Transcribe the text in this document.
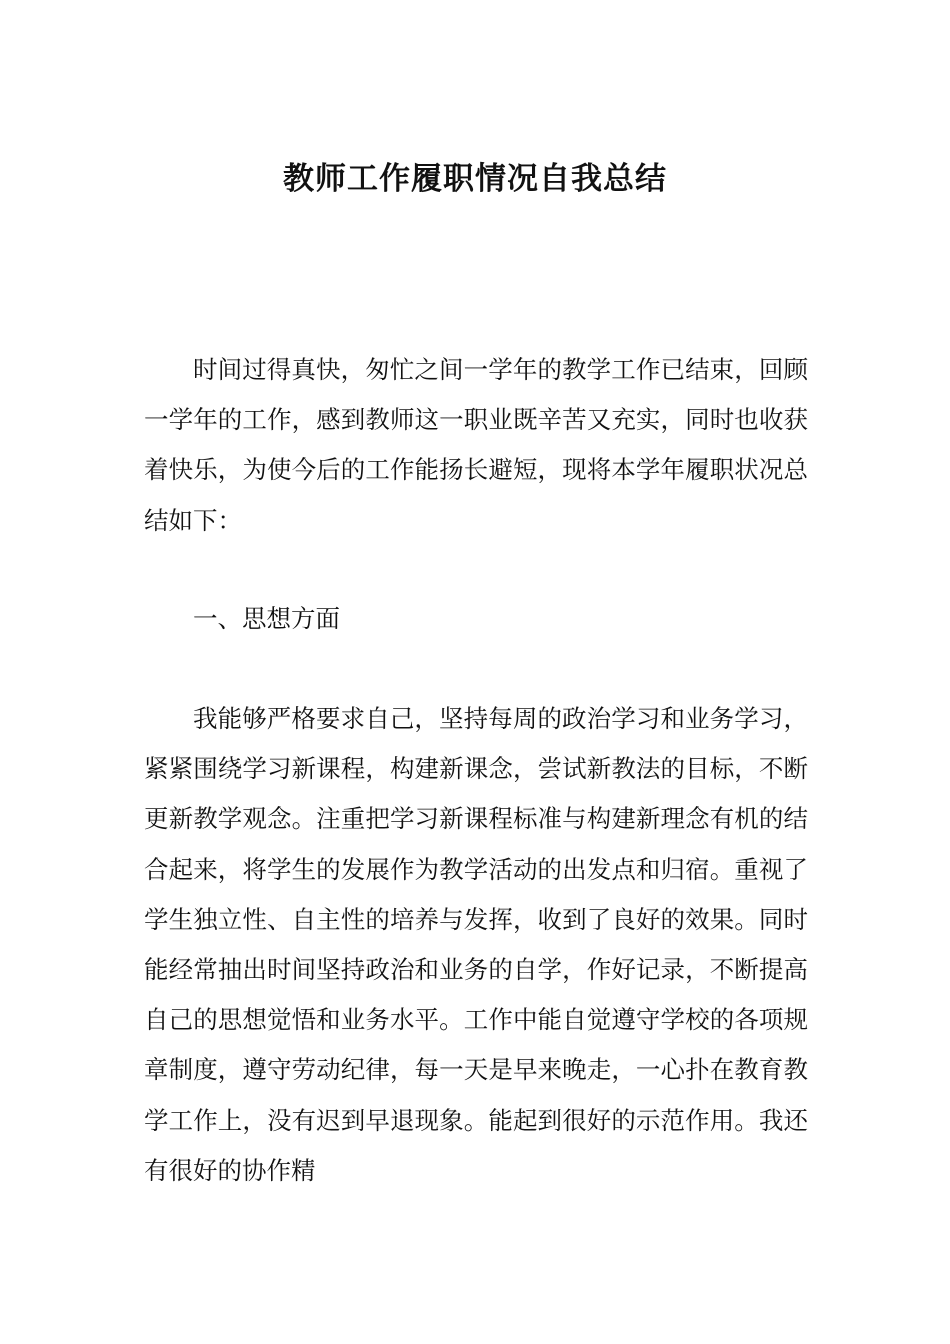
教师工作履职情况自我总结

时间过得真快，匆忙之间一学年的教学工作已结束，回顾一学年的工作，感到教师这一职业既辛苦又充实，同时也收获着快乐，为使今后的工作能扬长避短，现将本学年履职状况总结如下：

一、思想方面

我能够严格要求自己，坚持每周的政治学习和业务学习，紧紧围绕学习新课程，构建新课念，尝试新教法的目标，不断更新教学观念。注重把学习新课程标准与构建新理念有机的结合起来，将学生的发展作为教学活动的出发点和归宿。重视了学生独立性、自主性的培养与发挥，收到了良好的效果。同时能经常抽出时间坚持政治和业务的自学，作好记录，不断提高自己的思想觉悟和业务水平。工作中能自觉遵守学校的各项规章制度，遵守劳动纪律，每一天是早来晚走，一心扑在教育教学工作上，没有迟到早退现象。能起到很好的示范作用。我还有很好的协作精
